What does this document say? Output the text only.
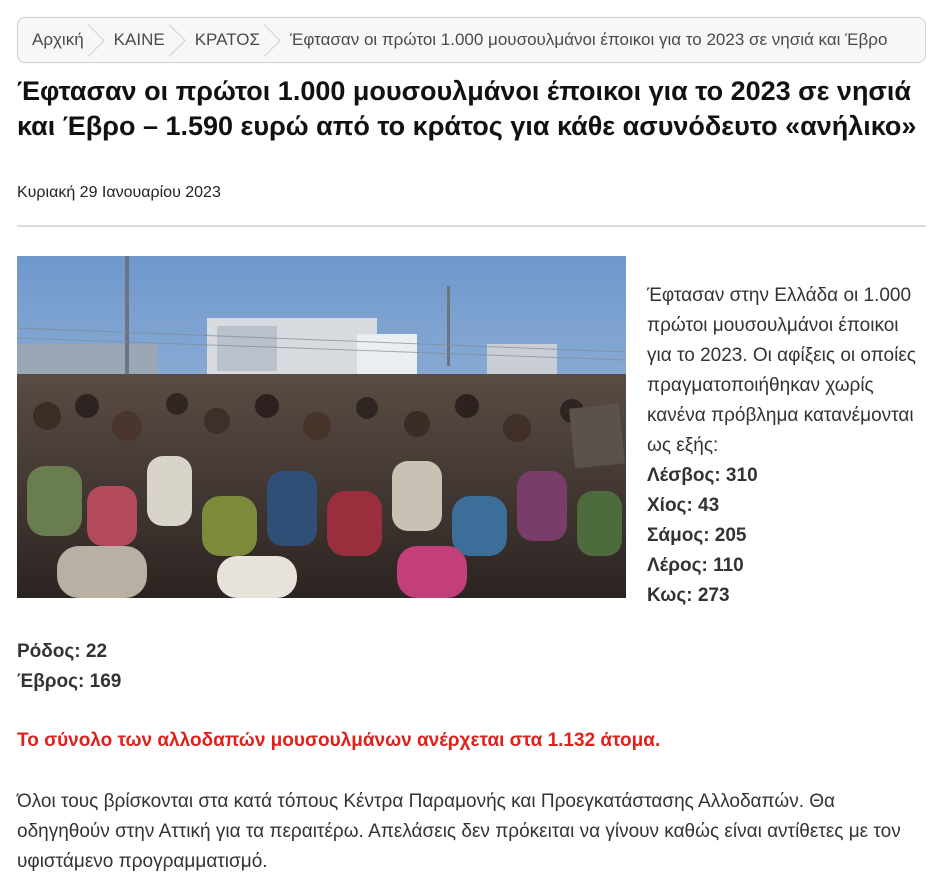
Αρχική	ΚΑΙΝΕ	ΚΡΑΤΟΣ	Έφτασαν οι πρώτοι 1.000 μουσουλμάνοι έποικοι για το 2023 σε νησιά και Έβρο
Έφτασαν οι πρώτοι 1.000 μουσουλμάνοι έποικοι για το 2023 σε νησιά και Έβρο – 1.590 ευρώ από το κράτος για κάθε ασυνόδευτο «ανήλικο»
Κυριακή 29 Ιανουαρίου 2023

Έφτασαν στην Ελλάδα οι 1.000 πρώτοι μουσουλμάνοι έποικοι για το 2023. Οι αφίξεις οι οποίες πραγματοποιήθηκαν χωρίς κανένα πρόβλημα κατανέμονται ως εξής:

Λέσβος: 310
Χίος: 43
Σάμος: 205
Λέρος: 110
Κως: 273
Ρόδος: 22
Έβρος: 169

Το σύνολο των αλλοδαπών μουσουλμάνων ανέρχεται στα 1.132 άτομα.

Όλοι τους βρίσκονται στα κατά τόπους Κέντρα Παραμονής και Προεγκατάστασης Αλλοδαπών. Θα οδηγηθούν στην Αττική για τα περαιτέρω. Απελάσεις δεν πρόκειται να γίνουν καθώς είναι αντίθετες με τον υφιστάμενο προγραμματισμό.
